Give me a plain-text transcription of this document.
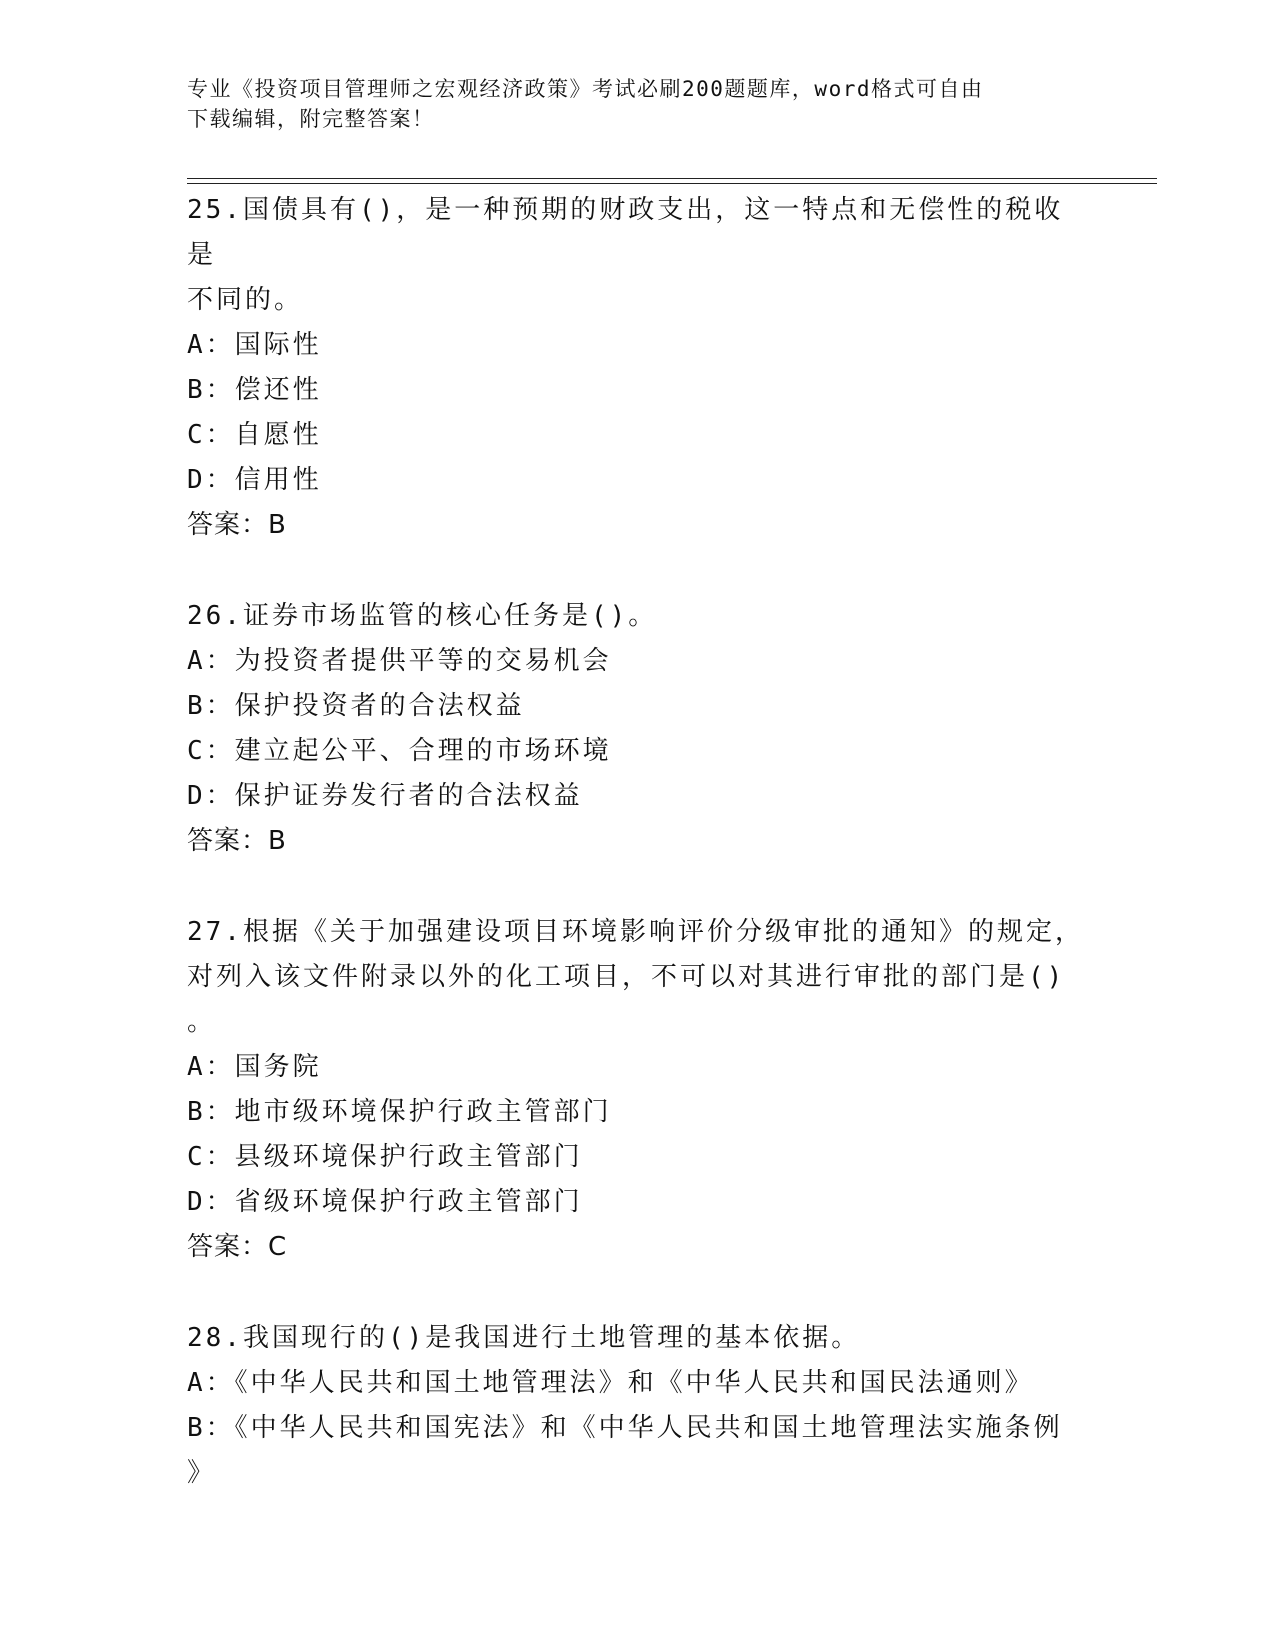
专业《投资项目管理师之宏观经济政策》考试必刷200题题库，word格式可自由
下载编辑，附完整答案！
25.国债具有()，是一种预期的财政支出，这一特点和无偿性的税收是
不同的。
A：国际性
B：偿还性
C：自愿性
D：信用性
答案：B
26.证券市场监管的核心任务是()。
A：为投资者提供平等的交易机会
B：保护投资者的合法权益
C：建立起公平、合理的市场环境
D：保护证券发行者的合法权益
答案：B
27.根据《关于加强建设项目环境影响评价分级审批的通知》的规定，
对列入该文件附录以外的化工项目，不可以对其进行审批的部门是()
。
A：国务院
B：地市级环境保护行政主管部门
C：县级环境保护行政主管部门
D：省级环境保护行政主管部门
答案：C
28.我国现行的()是我国进行土地管理的基本依据。
A：《中华人民共和国土地管理法》和《中华人民共和国民法通则》
B：《中华人民共和国宪法》和《中华人民共和国土地管理法实施条例
》
